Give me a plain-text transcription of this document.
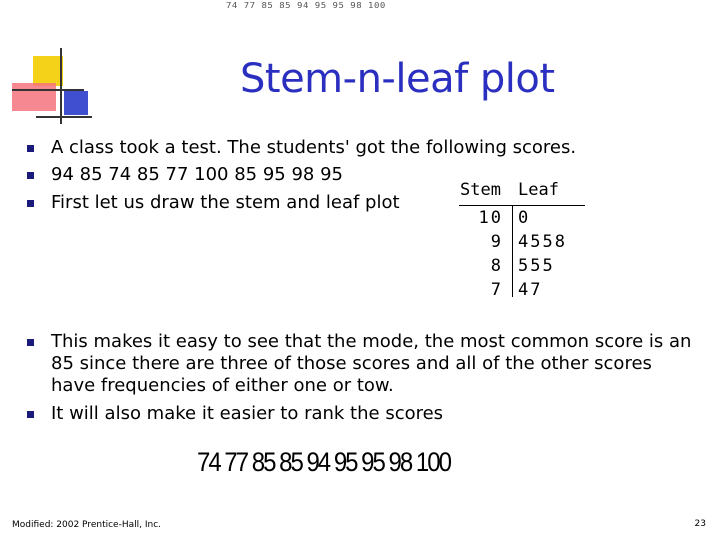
74 77 85 85 94 95 95 98 100
Stem-n-leaf plot
A class took a test. The students' got the following scores.
94 85 74 85 77 100 85 95 98 95
First let us draw the stem and leaf plot
This makes it easy to see that the mode, the most common score is an 85 since there are three of those scores and all of the other scores have frequencies of either one or tow.
It will also make it easier to rank the scores
Stem Leaf
10 0
9 4558
8 555
7 47
74 77 85 85 94 95 95 98 100
Modified: 2002 Prentice-Hall, Inc.	23
